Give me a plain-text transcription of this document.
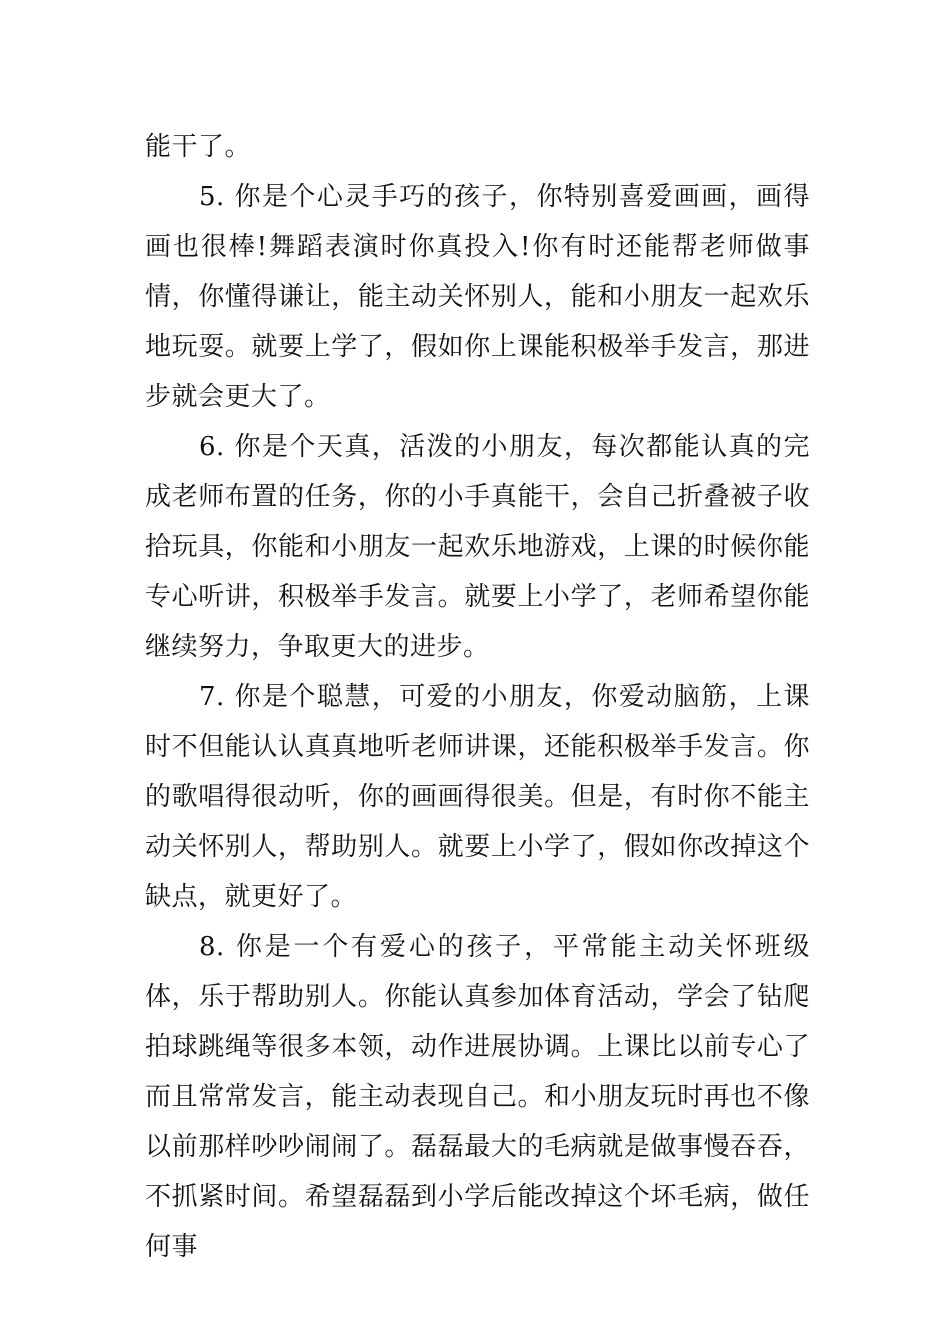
能干了。

5. 你是个心灵手巧的孩子，你特别喜爱画画，画得画也很棒!舞蹈表演时你真投入!你有时还能帮老师做事情，你懂得谦让，能主动关怀别人，能和小朋友一起欢乐地玩耍。就要上学了，假如你上课能积极举手发言，那进步就会更大了。

6. 你是个天真，活泼的小朋友，每次都能认真的完成老师布置的任务，你的小手真能干，会自己折叠被子收拾玩具，你能和小朋友一起欢乐地游戏，上课的时候你能专心听讲，积极举手发言。就要上小学了，老师希望你能继续努力，争取更大的进步。

7. 你是个聪慧，可爱的小朋友，你爱动脑筋，上课时不但能认认真真地听老师讲课，还能积极举手发言。你的歌唱得很动听，你的画画得很美。但是，有时你不能主动关怀别人，帮助别人。就要上小学了，假如你改掉这个缺点，就更好了。

8. 你是一个有爱心的孩子，平常能主动关怀班级体，乐于帮助别人。你能认真参加体育活动，学会了钻爬拍球跳绳等很多本领，动作进展协调。上课比以前专心了而且常常发言，能主动表现自己。和小朋友玩时再也不像以前那样吵吵闹闹了。磊磊最大的毛病就是做事慢吞吞，不抓紧时间。希望磊磊到小学后能改掉这个坏毛病，做任何事
